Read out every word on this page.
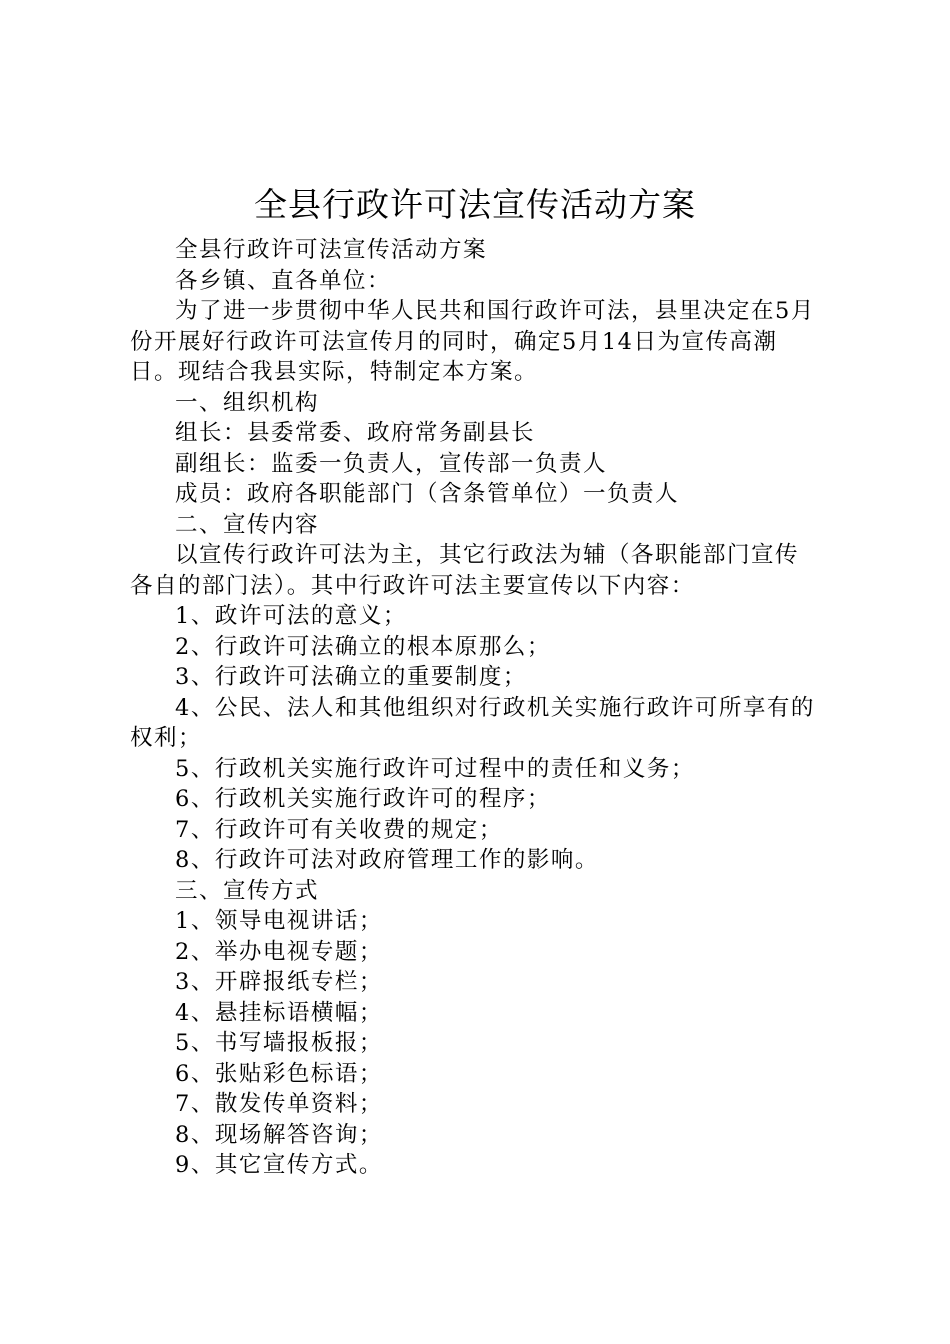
全县行政许可法宣传活动方案

全县行政许可法宣传活动方案

各乡镇、直各单位：

为了进一步贯彻中华人民共和国行政许可法，县里决定在5月份开展好行政许可法宣传月的同时，确定5月14日为宣传高潮日。现结合我县实际，特制定本方案。

一、组织机构

组长：县委常委、政府常务副县长

副组长：监委一负责人，宣传部一负责人

成员：政府各职能部门（含条管单位）一负责人

二、宣传内容

以宣传行政许可法为主，其它行政法为辅（各职能部门宣传各自的部门法）。其中行政许可法主要宣传以下内容：

1、政许可法的意义；

2、行政许可法确立的根本原那么；

3、行政许可法确立的重要制度；

4、公民、法人和其他组织对行政机关实施行政许可所享有的权利；

5、行政机关实施行政许可过程中的责任和义务；

6、行政机关实施行政许可的程序；

7、行政许可有关收费的规定；

8、行政许可法对政府管理工作的影响。

三、宣传方式

1、领导电视讲话；

2、举办电视专题；

3、开辟报纸专栏；

4、悬挂标语横幅；

5、书写墙报板报；

6、张贴彩色标语；

7、散发传单资料；

8、现场解答咨询；

9、其它宣传方式。
